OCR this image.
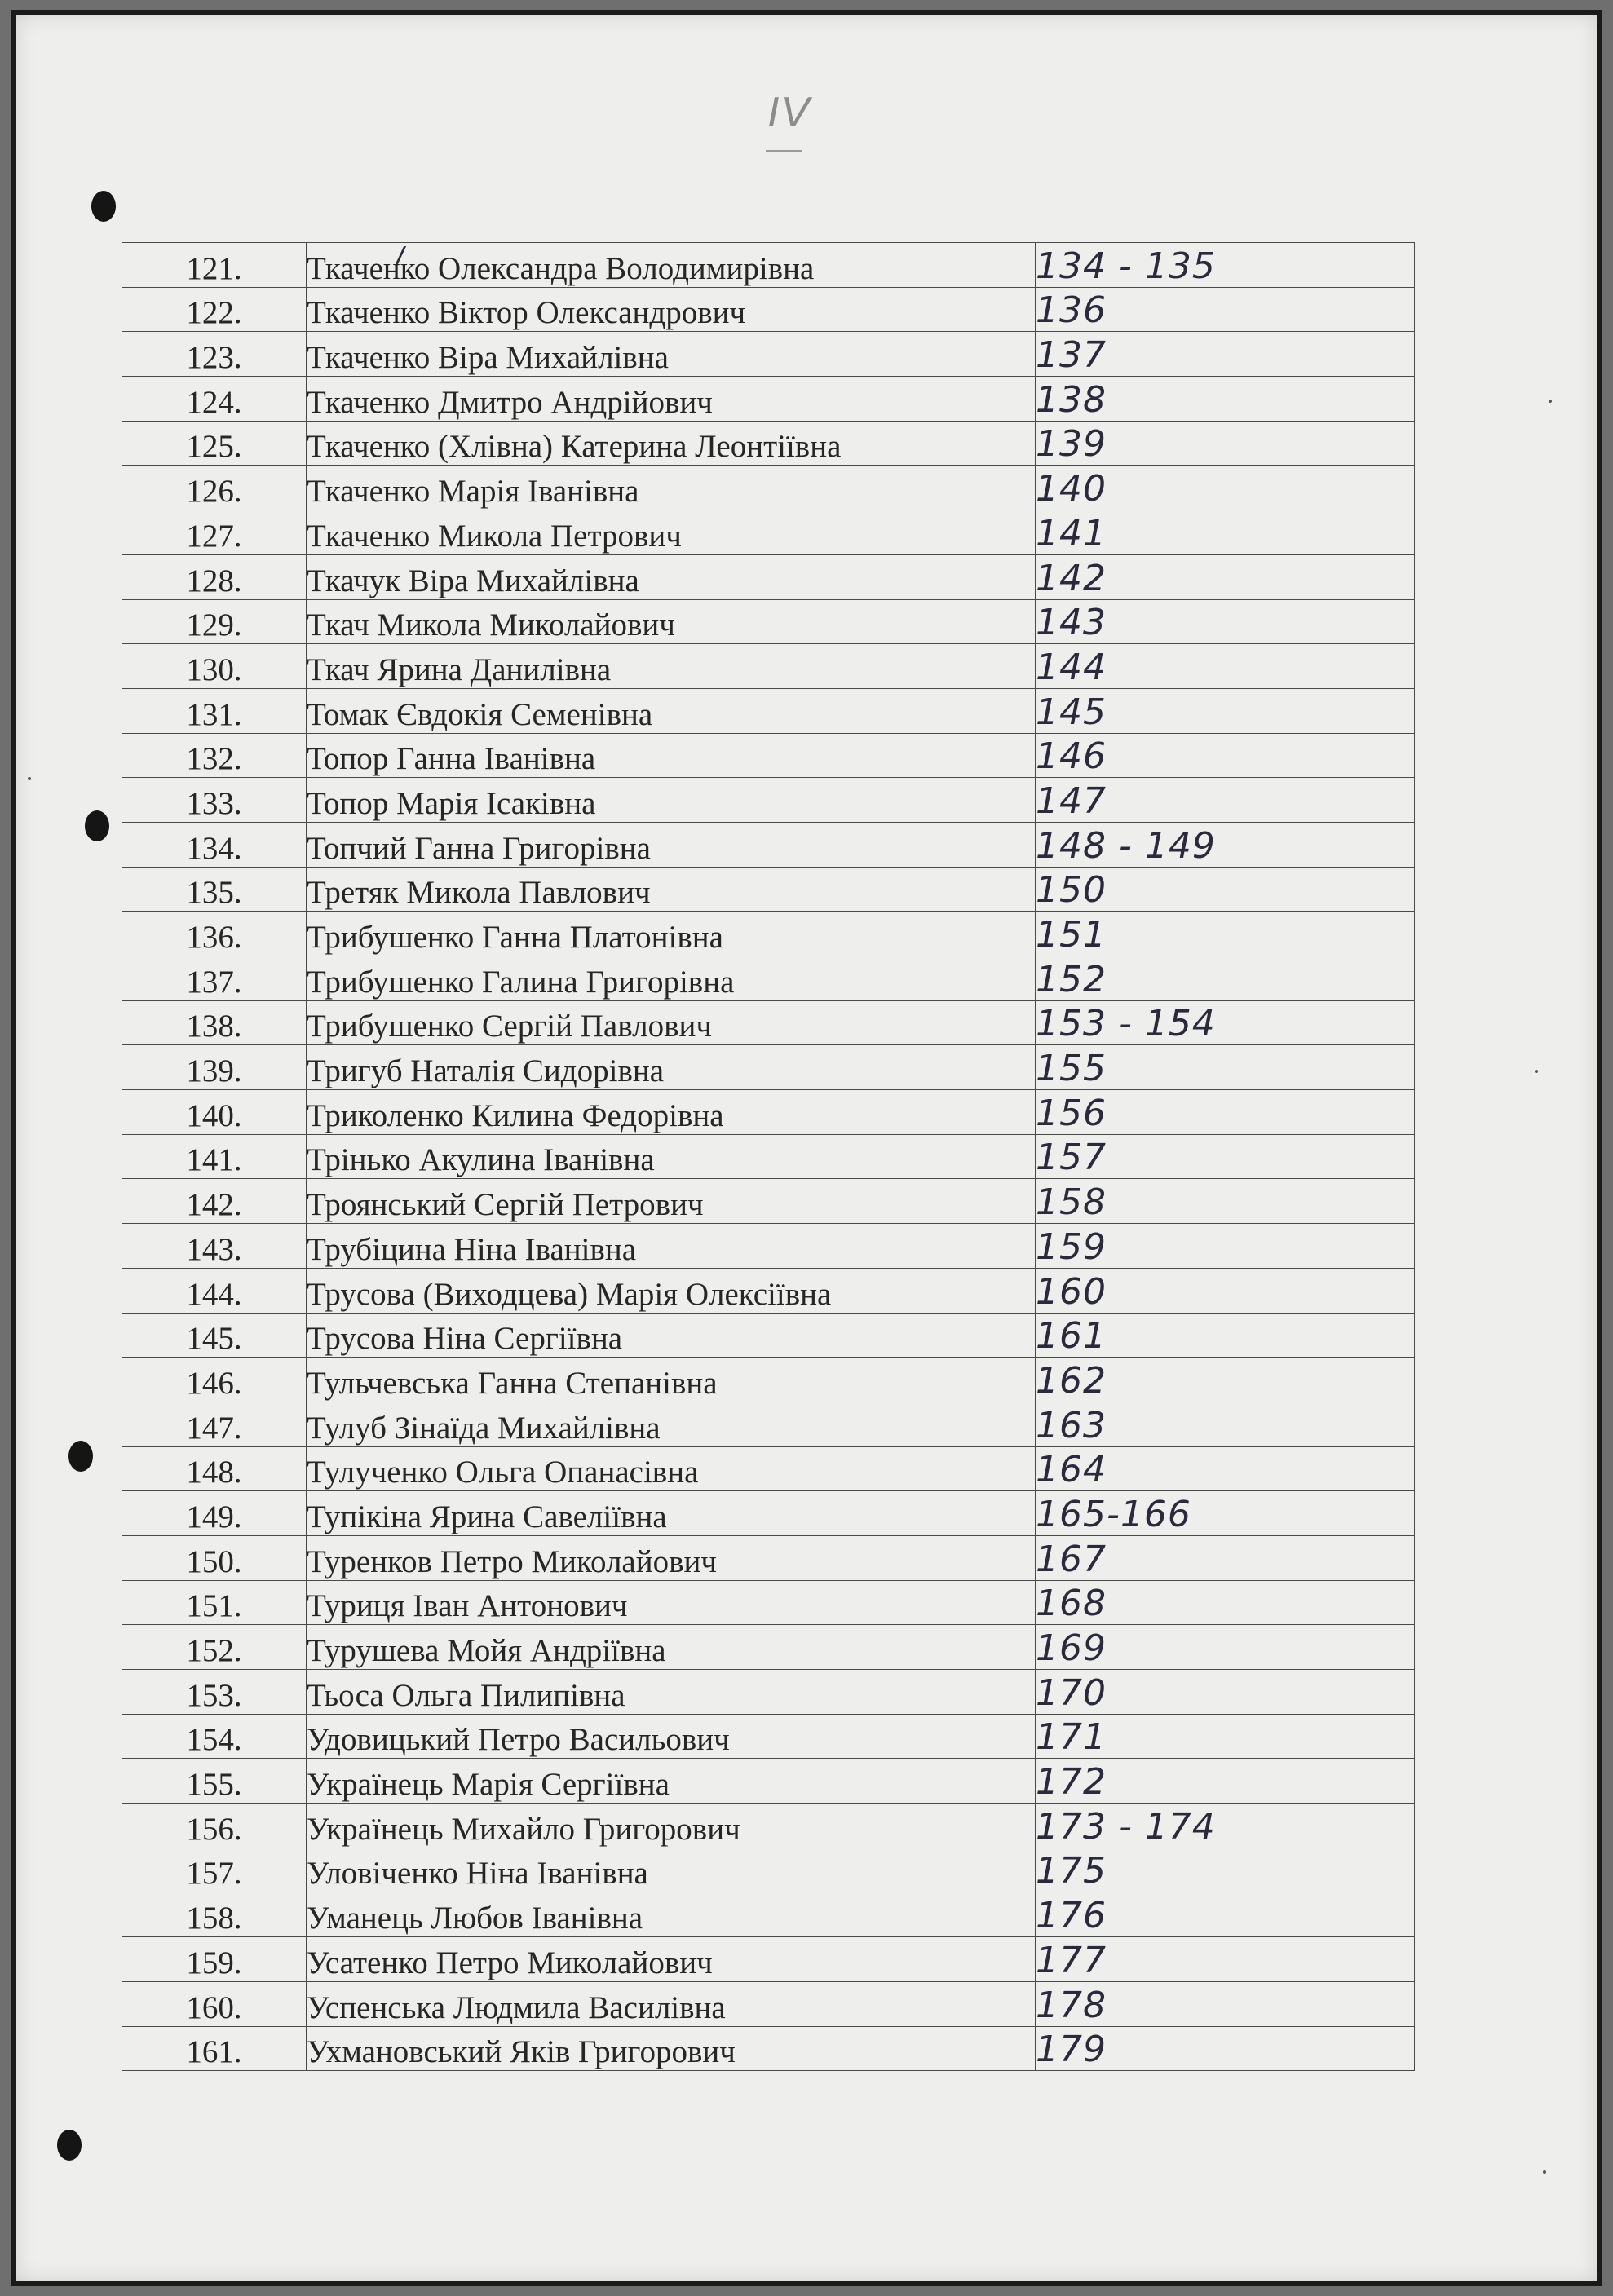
IV
121.	Ткаченко Олександра Володимирівна	134 - 135
122.	Ткаченко Віктор Олександрович	136
123.	Ткаченко Віра Михайлівна	137
124.	Ткаченко Дмитро Андрійович	138
125.	Ткаченко (Хлівна) Катерина Леонтіївна	139
126.	Ткаченко Марія Іванівна	140
127.	Ткаченко Микола Петрович	141
128.	Ткачук Віра Михайлівна	142
129.	Ткач Микола Миколайович	143
130.	Ткач Ярина Данилівна	144
131.	Томак Євдокія Семенівна	145
132.	Топор Ганна Іванівна	146
133.	Топор Марія Ісаківна	147
134.	Топчий Ганна Григорівна	148 - 149
135.	Третяк Микола Павлович	150
136.	Трибушенко Ганна Платонівна	151
137.	Трибушенко Галина Григорівна	152
138.	Трибушенко Сергій Павлович	153 - 154
139.	Тригуб Наталія Сидорівна	155
140.	Триколенко Килина Федорівна	156
141.	Трінько Акулина Іванівна	157
142.	Троянський Сергій Петрович	158
143.	Трубіцина Ніна Іванівна	159
144.	Трусова (Виходцева) Марія Олексіївна	160
145.	Трусова Ніна Сергіївна	161
146.	Тульчевська Ганна Степанівна	162
147.	Тулуб Зінаїда Михайлівна	163
148.	Тулученко Ольга Опанасівна	164
149.	Тупікіна Ярина Савеліївна	165-166
150.	Туренков Петро Миколайович	167
151.	Туриця Іван Антонович	168
152.	Турушева Мойя Андріївна	169
153.	Тьоса Ольга Пилипівна	170
154.	Удовицький Петро Васильович	171
155.	Українець Марія Сергіївна	172
156.	Українець Михайло Григорович	173 - 174
157.	Уловіченко Ніна Іванівна	175
158.	Уманець Любов Іванівна	176
159.	Усатенко Петро Миколайович	177
160.	Успенська Людмила Василівна	178
161.	Ухмановський Яків Григорович	179
